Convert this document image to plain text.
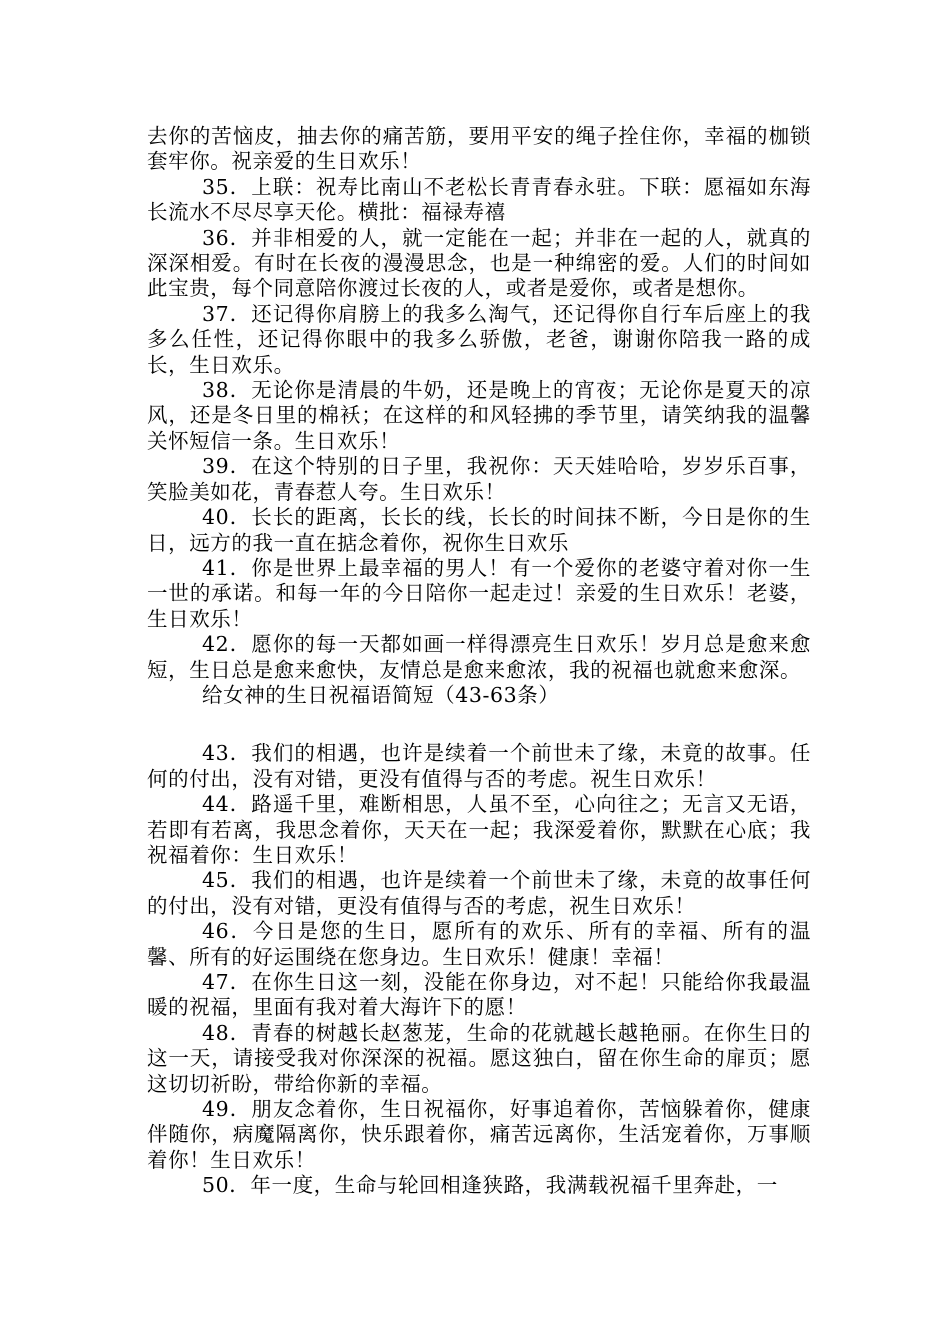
去你的苦恼皮，抽去你的痛苦筋，要用平安的绳子拴住你，幸福的枷锁套牢你。祝亲爱的生日欢乐！

35．上联：祝寿比南山不老松长青青春永驻。下联：愿福如东海长流水不尽尽享天伦。横批：福禄寿禧

36．并非相爱的人，就一定能在一起；并非在一起的人，就真的深深相爱。有时在长夜的漫漫思念，也是一种绵密的爱。人们的时间如此宝贵，每个同意陪你渡过长夜的人，或者是爱你，或者是想你。

37．还记得你肩膀上的我多么淘气，还记得你自行车后座上的我多么任性，还记得你眼中的我多么骄傲，老爸，谢谢你陪我一路的成长，生日欢乐。

38．无论你是清晨的牛奶，还是晚上的宵夜；无论你是夏天的凉风，还是冬日里的棉袄；在这样的和风轻拂的季节里，请笑纳我的温馨关怀短信一条。生日欢乐！

39．在这个特别的日子里，我祝你：天天娃哈哈，岁岁乐百事，笑脸美如花，青春惹人夸。生日欢乐！

40．长长的距离，长长的线，长长的时间抹不断，今日是你的生日，远方的我一直在掂念着你，祝你生日欢乐

41．你是世界上最幸福的男人！有一个爱你的老婆守着对你一生一世的承诺。和每一年的今日陪你一起走过！亲爱的生日欢乐！老婆，生日欢乐！

42．愿你的每一天都如画一样得漂亮生日欢乐！岁月总是愈来愈短，生日总是愈来愈快，友情总是愈来愈浓，我的祝福也就愈来愈深。

给女神的生日祝福语简短（43-63条）

43．我们的相遇，也许是续着一个前世未了缘，未竟的故事。任何的付出，没有对错，更没有值得与否的考虑。祝生日欢乐！

44．路遥千里，难断相思，人虽不至，心向往之；无言又无语，若即有若离，我思念着你，天天在一起；我深爱着你，默默在心底；我祝福着你：生日欢乐！

45．我们的相遇，也许是续着一个前世未了缘，未竟的故事任何的付出，没有对错，更没有值得与否的考虑，祝生日欢乐！

46．今日是您的生日，愿所有的欢乐、所有的幸福、所有的温馨、所有的好运围绕在您身边。生日欢乐！健康！幸福！

47．在你生日这一刻，没能在你身边，对不起！只能给你我最温暖的祝福，里面有我对着大海许下的愿！

48．青春的树越长赵葱茏，生命的花就越长越艳丽。在你生日的这一天，请接受我对你深深的祝福。愿这独白，留在你生命的扉页；愿这切切祈盼，带给你新的幸福。

49．朋友念着你，生日祝福你，好事追着你，苦恼躲着你，健康伴随你，病魔隔离你，快乐跟着你，痛苦远离你，生活宠着你，万事顺着你！生日欢乐！

50．年一度，生命与轮回相逢狭路，我满载祝福千里奔赴，一
